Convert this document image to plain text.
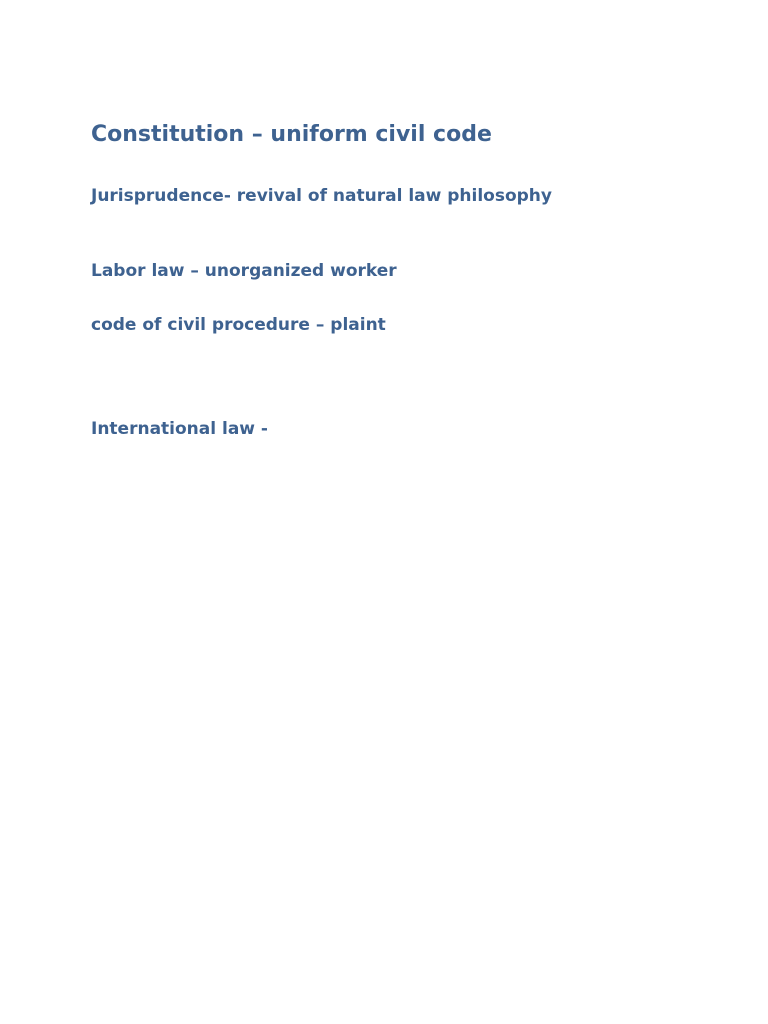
Constitution – uniform civil code

Jurisprudence- revival of natural law philosophy

Labor law – unorganized worker

code of civil procedure – plaint

International law -
